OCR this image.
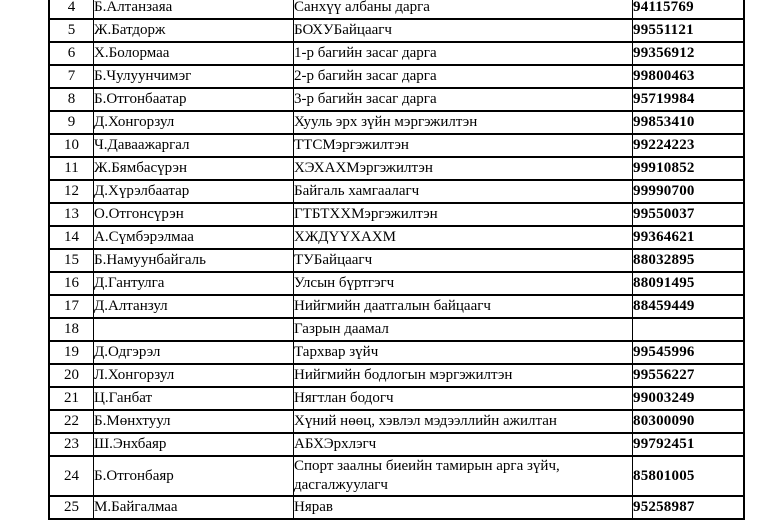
4	Б.Алтанзаяа	Санхүү албаны дарга	94115769
5	Ж.Батдорж	БОХУБайцаагч	99551121
6	Х.Болормаа	1-р багийн засаг дарга	99356912
7	Б.Чулуунчимэг	2-р багийн засаг дарга	99800463
8	Б.Отгонбаатар	3-р багийн засаг дарга	95719984
9	Д.Хонгорзул	Хууль эрх зүйн мэргэжилтэн	99853410
10	Ч.Даваажаргал	ТТСМэргэжилтэн	99224223
11	Ж.Бямбасүрэн	ХЭХАХМэргэжилтэн	99910852
12	Д.Хүрэлбаатар	Байгаль хамгаалагч	99990700
13	О.Отгонсүрэн	ГТБТХХМэргэжилтэн	99550037
14	А.Сүмбэрэлмаа	ХЖДҮҮХАХМ	99364621
15	Б.Намуунбайгаль	ТУБайцаагч	88032895
16	Д.Гантулга	Улсын бүртгэгч	88091495
17	Д.Алтанзул	Нийгмийн даатгалын байцаагч	88459449
18		Газрын даамал	
19	Д.Одгэрэл	Тархвар зүйч	99545996
20	Л.Хонгорзул	Нийгмийн бодлогын мэргэжилтэн	99556227
21	Ц.Ганбат	Нягтлан бодогч	99003249
22	Б.Мөнхтуул	Хүний нөөц, хэвлэл мэдээллийн ажилтан	80300090
23	Ш.Энхбаяр	АБХЭрхлэгч	99792451
24	Б.Отгонбаяр	Спорт заалны биеийн тамирын арга зүйч, дасгалжуулагч	85801005
25	М.Байгалмаа	Нярав	95258987
